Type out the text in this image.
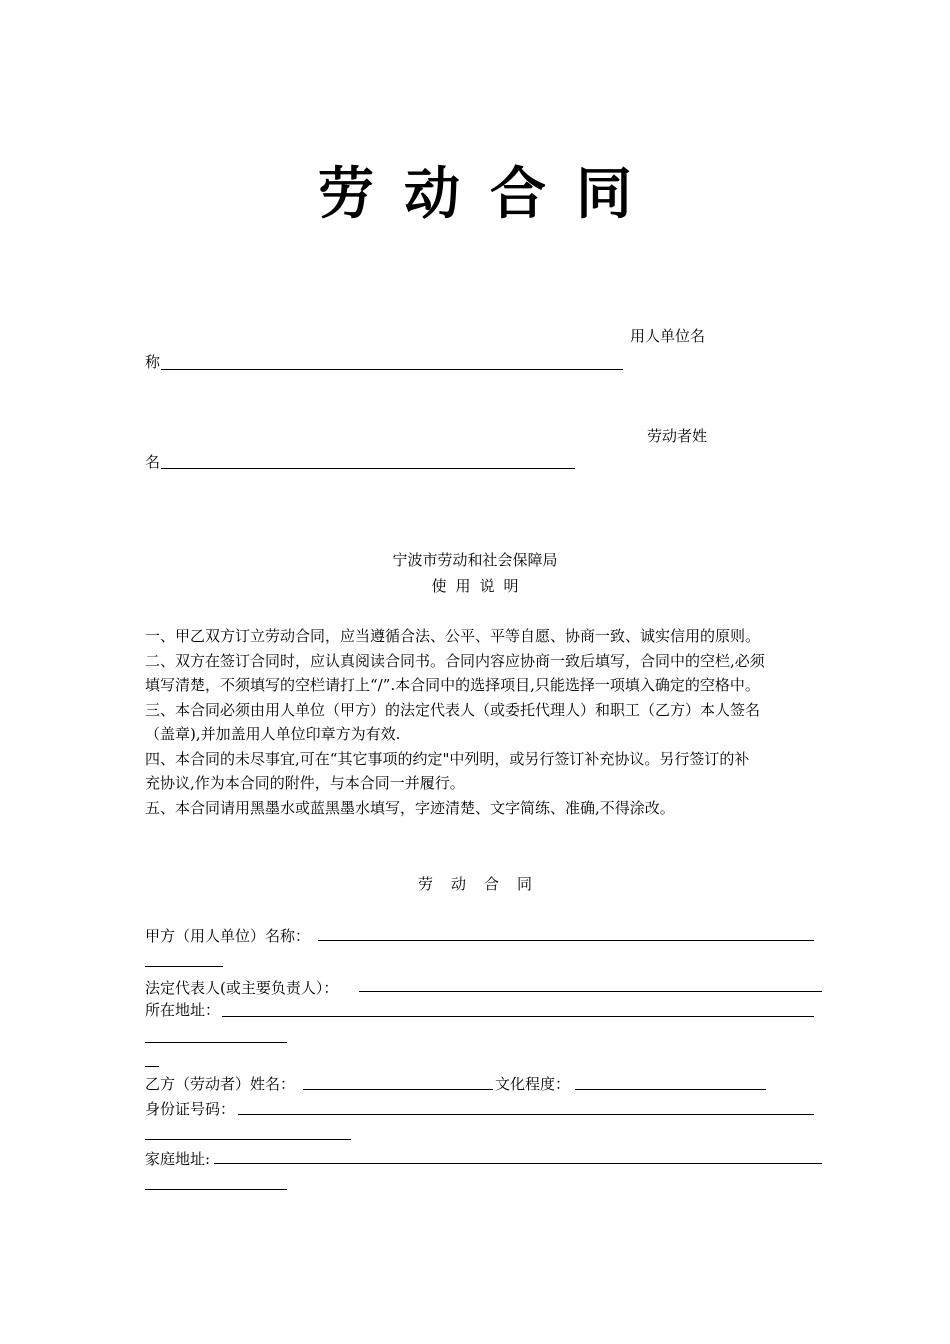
劳动合同
用人单位名
称
劳动者姓
名
宁波市劳动和社会保障局
使用说明
一、甲乙双方订立劳动合同，应当遵循合法、公平、平等自愿、协商一致、诚实信用的原则。
二、双方在签订合同时，应认真阅读合同书。合同内容应协商一致后填写，合同中的空栏,必须
填写清楚，不须填写的空栏请打上“/”.本合同中的选择项目,只能选择一项填入确定的空格中。
三、本合同必须由用人单位（甲方）的法定代表人（或委托代理人）和职工（乙方）本人签名
（盖章),并加盖用人单位印章方为有效.
四、本合同的未尽事宜,可在“其它事项的约定"中列明，或另行签订补充协议。另行签订的补
充协议,作为本合同的附件，与本合同一并履行。
五、本合同请用黑墨水或蓝黑墨水填写，字迹清楚、文字简练、准确,不得涂改。
劳动合同
甲方（用人单位）名称：
法定代表人(或主要负责人）：
所在地址：
乙方（劳动者）姓名：	文化程度：
身份证号码：
家庭地址:
